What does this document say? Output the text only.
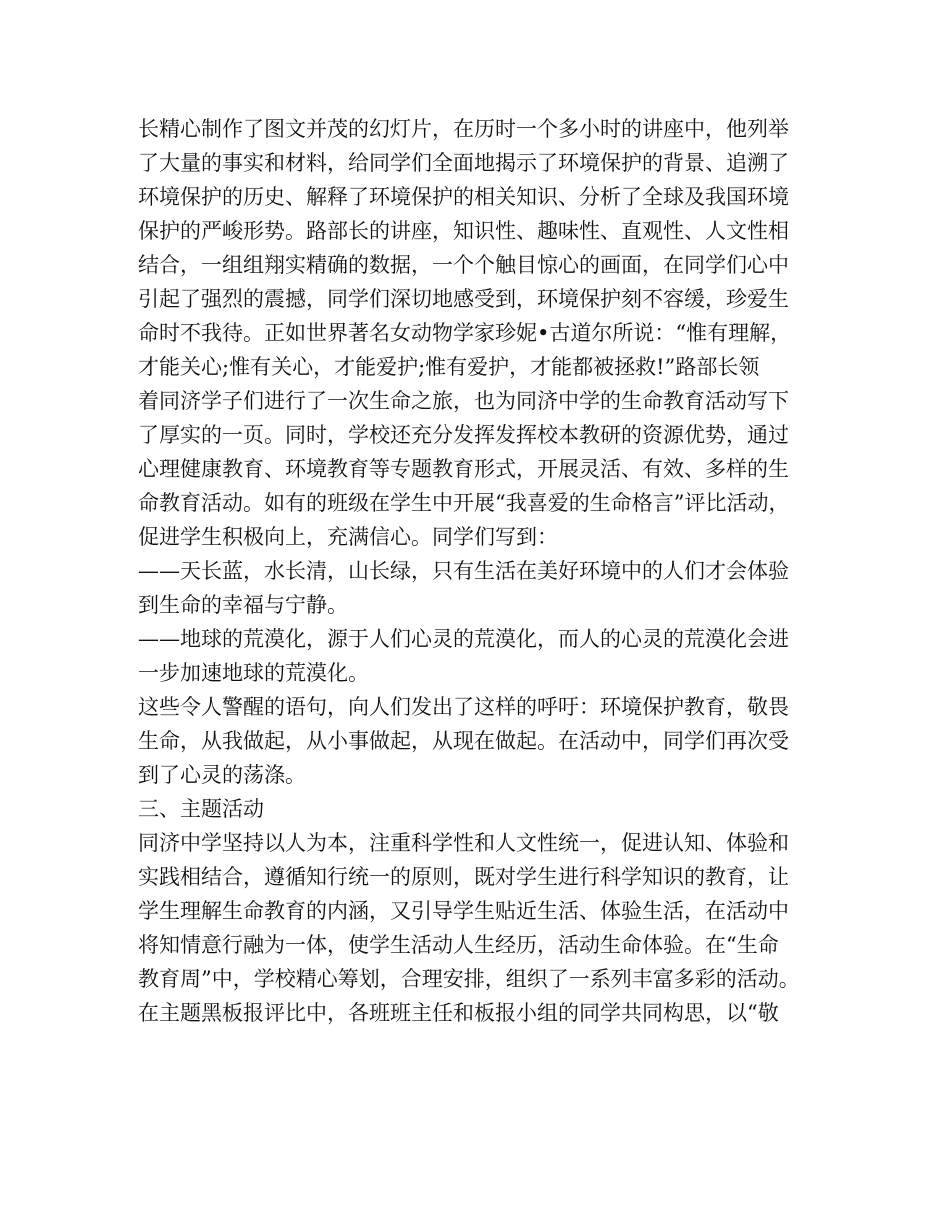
长精心制作了图文并茂的幻灯片，在历时一个多小时的讲座中，他列举
了大量的事实和材料，给同学们全面地揭示了环境保护的背景、追溯了
环境保护的历史、解释了环境保护的相关知识、分析了全球及我国环境
保护的严峻形势。路部长的讲座，知识性、趣味性、直观性、人文性相
结合，一组组翔实精确的数据，一个个触目惊心的画面，在同学们心中
引起了强烈的震撼，同学们深切地感受到，环境保护刻不容缓，珍爱生
命时不我待。正如世界著名女动物学家珍妮•古道尔所说：“惟有理解，
才能关心;惟有关心，才能爱护;惟有爱护，才能都被拯救!”路部长领
着同济学子们进行了一次生命之旅，也为同济中学的生命教育活动写下
了厚实的一页。同时，学校还充分发挥发挥校本教研的资源优势，通过
心理健康教育、环境教育等专题教育形式，开展灵活、有效、多样的生
命教育活动。如有的班级在学生中开展“我喜爱的生命格言”评比活动，
促进学生积极向上，充满信心。同学们写到：
——天长蓝，水长清，山长绿，只有生活在美好环境中的人们才会体验
到生命的幸福与宁静。
——地球的荒漠化，源于人们心灵的荒漠化，而人的心灵的荒漠化会进
一步加速地球的荒漠化。
这些令人警醒的语句，向人们发出了这样的呼吁：环境保护教育，敬畏
生命，从我做起，从小事做起，从现在做起。在活动中，同学们再次受
到了心灵的荡涤。
三、主题活动
同济中学坚持以人为本，注重科学性和人文性统一，促进认知、体验和
实践相结合，遵循知行统一的原则，既对学生进行科学知识的教育，让
学生理解生命教育的内涵，又引导学生贴近生活、体验生活，在活动中
将知情意行融为一体，使学生活动人生经历，活动生命体验。在“生命
教育周”中，学校精心筹划，合理安排，组织了一系列丰富多彩的活动。
在主题黑板报评比中，各班班主任和板报小组的同学共同构思，以“敬
